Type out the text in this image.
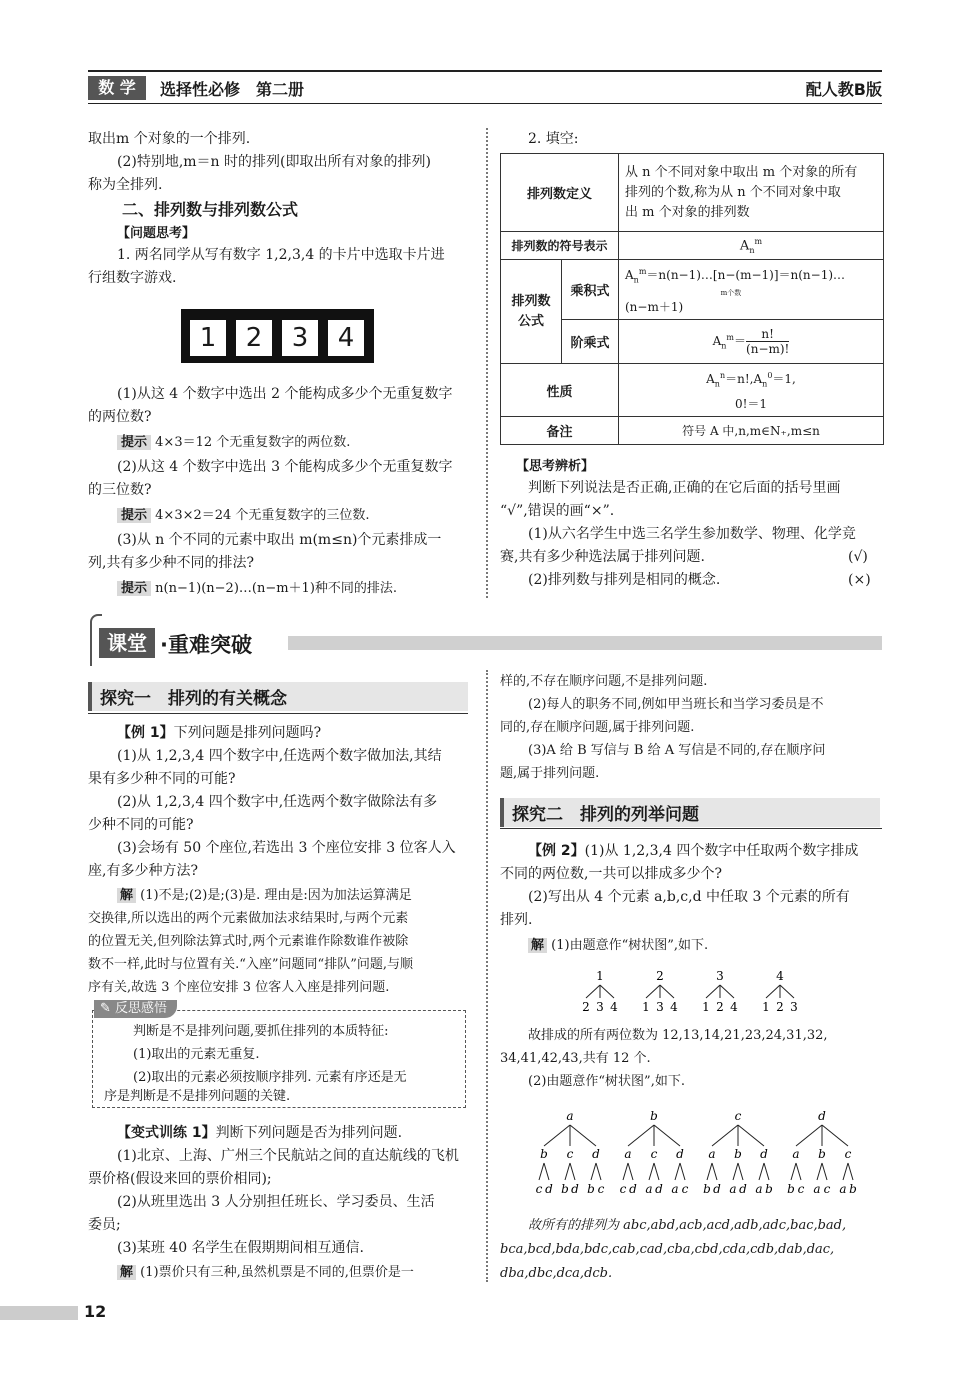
数 学	选择性必修　第二册	配人教B版

取出m 个对象的一个排列.

(2)特别地,m＝n 时的排列(即取出所有对象的排列)

称为全排列.

二、排列数与排列数公式

【问题思考】

1. 两名同学从写有数字 1,2,3,4 的卡片中选取卡片进

行组数字游戏.

1	2	3	4

(1)从这 4 个数字中选出 2 个能构成多少个无重复数字

的两位数?

提示 4×3＝12 个无重复数字的两位数.

(2)从这 4 个数字中选出 3 个能构成多少个无重复数字

的三位数?

提示 4×3×2＝24 个无重复数字的三位数.

(3)从 n 个不同的元素中取出 m(m≤n)个元素排成一

列,共有多少种不同的排法?

提示 n(n−1)(n−2)…(n−m＋1)种不同的排法.

2. 填空:

排列数定义		从 n 个不同对象中取出 m 个对象的所有
排列的个数,称为从 n 个不同对象中取
出 m 个对象的排列数

排列数的符号表示		$A_n^m$
排列数公式	乘积式	$A_n^m=n(n-1)\dots[n-(m-1)]=n(n-1)\dots$
m个数
(n−m＋1)

	阶乘式	$A_n^m= \frac{n!}{(n-m)!}$

性质		$A_n^n=n!,A_n^0=1$,
0!＝1

备注		符号 A 中,n,m∈N₊,m≤n

【思考辨析】

判断下列说法是否正确,正确的在它后面的括号里画

“√”,错误的画“×”.

(1)从六名学生中选三名学生参加数学、物理、化学竞

赛,共有多少种选法属于排列问题.	(√)

(2)排列数与排列是相同的概念.	(×)

课堂 ·重难突破
探究一　排列的有关概念

【例 1】下列问题是排列问题吗?

(1)从 1,2,3,4 四个数字中,任选两个数字做加法,其结

果有多少种不同的可能?

(2)从 1,2,3,4 四个数字中,任选两个数字做除法有多

少种不同的可能?

(3)会场有 50 个座位,若选出 3 个座位安排 3 位客人入

座,有多少种方法?

解 (1)不是;(2)是;(3)是. 理由是:因为加法运算满足

交换律,所以选出的两个元素做加法求结果时,与两个元素

的位置无关,但列除法算式时,两个元素谁作除数谁作被除

数不一样,此时与位置有关.“入座”问题同“排队”问题,与顺

序有关,故选 3 个座位安排 3 位客人入座是排列问题.

✎ 反思感悟

判断是不是排列问题,要抓住排列的本质特征:

(1)取出的元素无重复.

(2)取出的元素必须按顺序排列. 元素有序还是无

序是判断是不是排列问题的关键.

【变式训练 1】判断下列问题是否为排列问题.

(1)北京、上海、广州三个民航站之间的直达航线的飞机

票价格(假设来回的票价相同);

(2)从班里选出 3 人分别担任班长、学习委员、生活

委员;

(3)某班 40 名学生在假期期间相互通信.

解 (1)票价只有三种,虽然机票是不同的,但票价是一

样的,不存在顺序问题,不是排列问题.

(2)每人的职务不同,例如甲当班长和当学习委员是不

同的,存在顺序问题,属于排列问题.

(3)A 给 B 写信与 B 给 A 写信是不同的,存在顺序问

题,属于排列问题.

探究二　排列的列举问题

【例 2】(1)从 1,2,3,4 四个数字中任取两个数字排成

不同的两位数,一共可以排成多少个?

(2)写出从 4 个元素 a,b,c,d 中任取 3 个元素的所有

排列.

解 (1)由题意作“树状图”,如下.

1
2 3 4
2
1 3 4
3
1 2 4
4
1 2 3

故排成的所有两位数为 12,13,14,21,23,24,31,32,

34,41,42,43,共有 12 个.

(2)由题意作“树状图”,如下.

a
b
c d
c
b d
d
b c
b
a
c d
c
a d
d
a c
c
a
b d
b
a d
d
a b
d
a
b c
b
a c
c
a b

故所有的排列为 abc,abd,acb,acd,adb,adc,bac,bad,

bca,bcd,bda,bdc,cab,cad,cba,cbd,cda,cdb,dab,dac,

dba,dbc,dca,dcb.

12
